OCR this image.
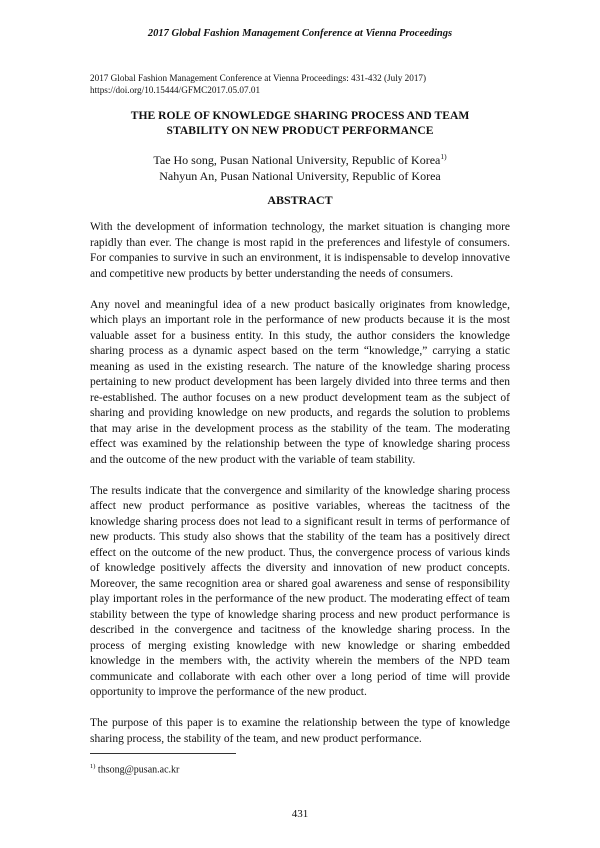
2017 Global Fashion Management Conference at Vienna Proceedings
2017 Global Fashion Management Conference at Vienna Proceedings: 431-432 (July 2017)
https://doi.org/10.15444/GFMC2017.05.07.01
THE ROLE OF KNOWLEDGE SHARING PROCESS AND TEAM
STABILITY ON NEW PRODUCT PERFORMANCE
Tae Ho song, Pusan National University, Republic of Korea$^{1)}$
Nahyun An, Pusan National University, Republic of Korea
ABSTRACT

With the development of information technology, the market situation is changing more rapidly than ever. The change is most rapid in the preferences and lifestyle of consumers. For companies to survive in such an environment, it is indispensable to develop innovative and competitive new products by better understanding the needs of consumers.

Any novel and meaningful idea of a new product basically originates from knowledge, which plays an important role in the performance of new products because it is the most valuable asset for a business entity. In this study, the author considers the knowledge sharing process as a dynamic aspect based on the term “knowledge,” carrying a static meaning as used in the existing research. The nature of the knowledge sharing process pertaining to new product development has been largely divided into three terms and then re-established. The author focuses on a new product development team as the subject of sharing and providing knowledge on new products, and regards the solution to problems that may arise in the development process as the stability of the team. The moderating effect was examined by the relationship between the type of knowledge sharing process and the outcome of the new product with the variable of team stability.

The results indicate that the convergence and similarity of the knowledge sharing process affect new product performance as positive variables, whereas the tacitness of the knowledge sharing process does not lead to a significant result in terms of performance of new products. This study also shows that the stability of the team has a positively direct effect on the outcome of the new product. Thus, the convergence process of various kinds of knowledge positively affects the diversity and innovation of new product concepts. Moreover, the same recognition area or shared goal awareness and sense of responsibility play important roles in the performance of the new product. The moderating effect of team stability between the type of knowledge sharing process and new product performance is described in the convergence and tacitness of the knowledge sharing process. In the process of merging existing knowledge with new knowledge or sharing embedded knowledge in the members with, the activity wherein the members of the NPD team communicate and collaborate with each other over a long period of time will provide opportunity to improve the performance of the new product.

The purpose of this paper is to examine the relationship between the type of knowledge sharing process, the stability of the team, and new product performance.

$^{1)}$ thsong@pusan.ac.kr
431
